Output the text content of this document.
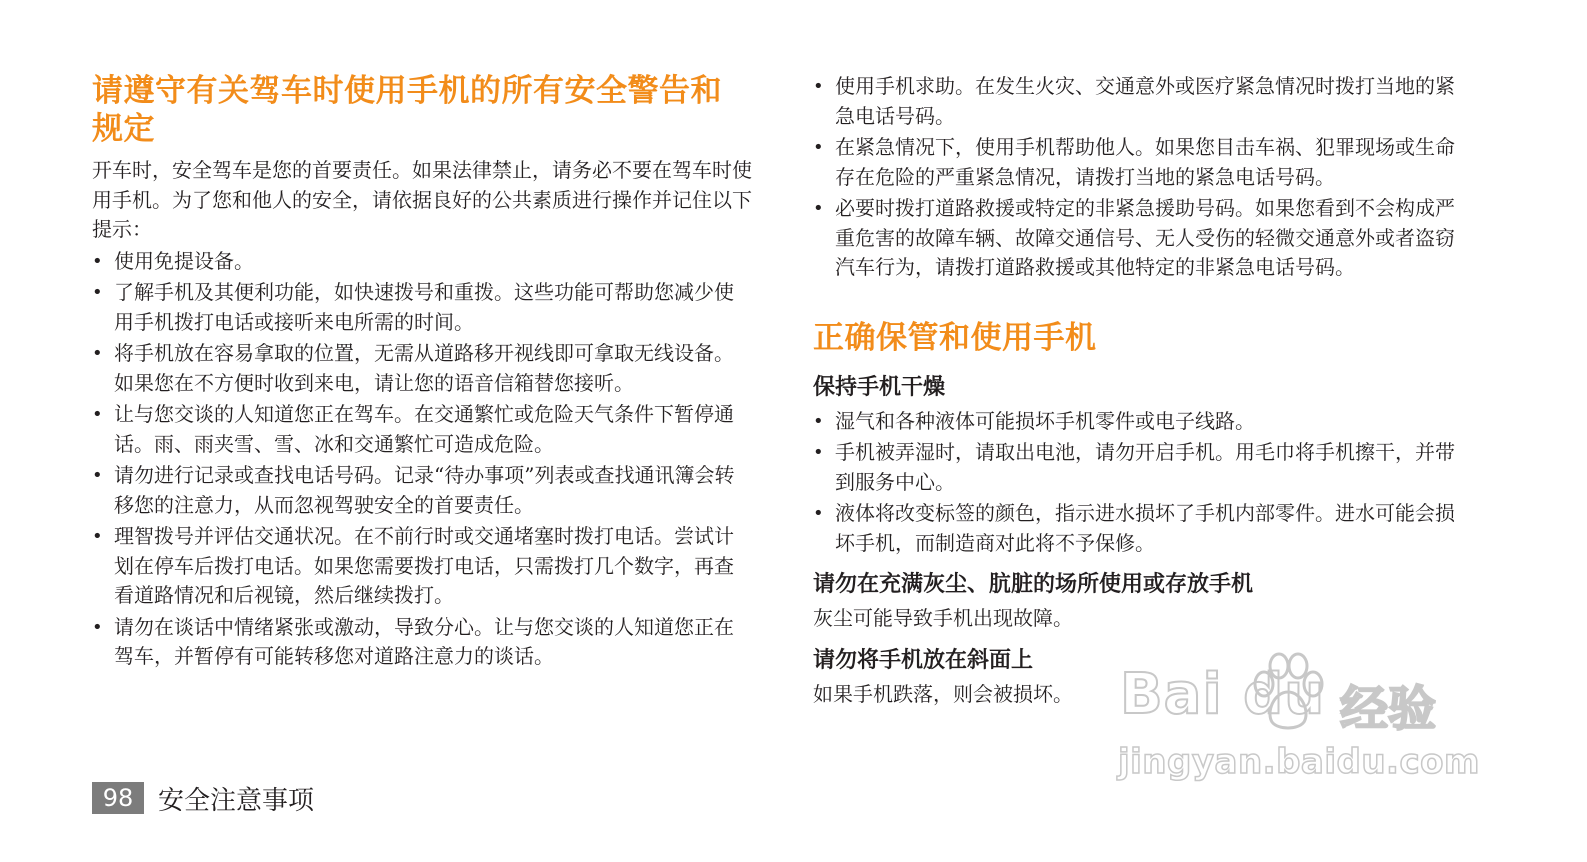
请遵守有关驾车时使用手机的所有安全警告和规定

开车时，安全驾车是您的首要责任。如果法律禁止，请务必不要在驾车时使用手机。为了您和他人的安全，请依据良好的公共素质进行操作并记住以下提示：

• 使用免提设备。
• 了解手机及其便利功能，如快速拨号和重拨。这些功能可帮助您减少使用手机拨打电话或接听来电所需的时间。
• 将手机放在容易拿取的位置，无需从道路移开视线即可拿取无线设备。如果您在不方便时收到来电，请让您的语音信箱替您接听。
• 让与您交谈的人知道您正在驾车。在交通繁忙或危险天气条件下暂停通话。雨、雨夹雪、雪、冰和交通繁忙可造成危险。
• 请勿进行记录或查找电话号码。记录“待办事项”列表或查找通讯簿会转移您的注意力，从而忽视驾驶安全的首要责任。
• 理智拨号并评估交通状况。在不前行时或交通堵塞时拨打电话。尝试计划在停车后拨打电话。如果您需要拨打电话，只需拨打几个数字，再查看道路情况和后视镜，然后继续拨打。
• 请勿在谈话中情绪紧张或激动，导致分心。让与您交谈的人知道您正在驾车，并暂停有可能转移您对道路注意力的谈话。
• 使用手机求助。在发生火灾、交通意外或医疗紧急情况时拨打当地的紧急电话号码。
• 在紧急情况下，使用手机帮助他人。如果您目击车祸、犯罪现场或生命存在危险的严重紧急情况，请拨打当地的紧急电话号码。
• 必要时拨打道路救援或特定的非紧急援助号码。如果您看到不会构成严重危害的故障车辆、故障交通信号、无人受伤的轻微交通意外或者盗窃汽车行为，请拨打道路救援或其他特定的非紧急电话号码。
正确保管和使用手机
保持手机干燥
• 湿气和各种液体可能损坏手机零件或电子线路。
• 手机被弄湿时，请取出电池，请勿开启手机。用毛巾将手机擦干，并带到服务中心。
• 液体将改变标签的颜色，指示进水损坏了手机内部零件。进水可能会损坏手机，而制造商对此将不予保修。
请勿在充满灰尘、肮脏的场所使用或存放手机

灰尘可能导致手机出现故障。

请勿将手机放在斜面上

如果手机跌落，则会被损坏。

98 安全注意事项
Bai du 经验
jingyan.baidu.com
